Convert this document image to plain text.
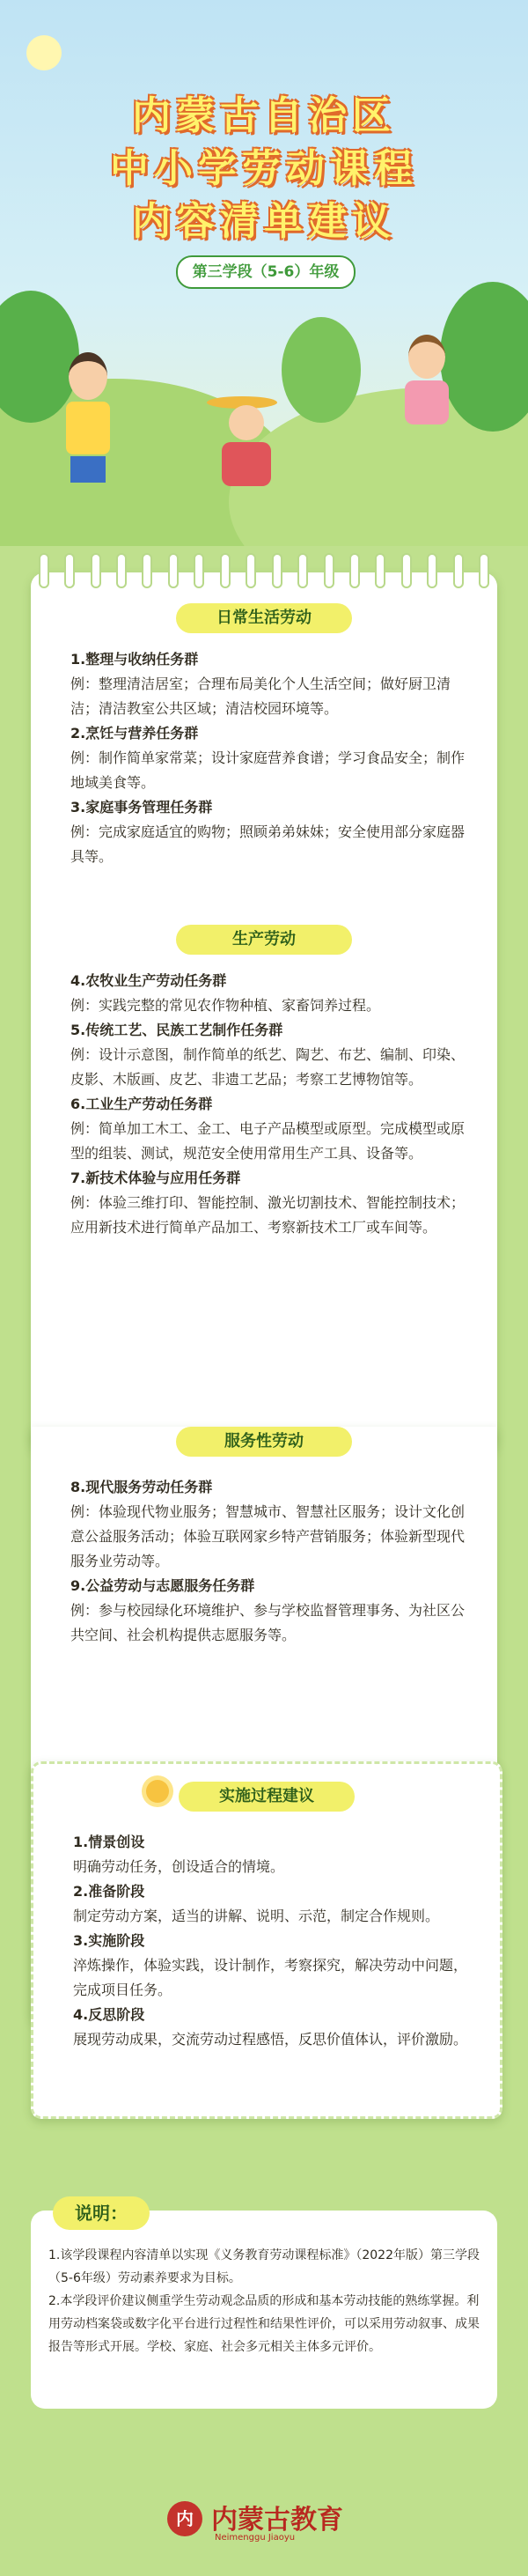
内蒙古自治区
中小学劳动课程
内容清单建议
第三学段（5-6）年级
日常生活劳动
1.整理与收纳任务群
例：整理清洁居室；合理布局美化个人生活空间；做好厨卫清洁；清洁教室公共区域；清洁校园环境等。
2.烹饪与营养任务群
例：制作简单家常菜；设计家庭营养食谱；学习食品安全；制作地域美食等。
3.家庭事务管理任务群
例：完成家庭适宜的购物；照顾弟弟妹妹；安全使用部分家庭器具等。
生产劳动
4.农牧业生产劳动任务群
例：实践完整的常见农作物种植、家畜饲养过程。
5.传统工艺、民族工艺制作任务群
例：设计示意图，制作简单的纸艺、陶艺、布艺、编制、印染、皮影、木版画、皮艺、非遗工艺品；考察工艺博物馆等。
6.工业生产劳动任务群
例：简单加工木工、金工、电子产品模型或原型。完成模型或原型的组装、测试，规范安全使用常用生产工具、设备等。
7.新技术体验与应用任务群
例：体验三维打印、智能控制、激光切割技术、智能控制技术；应用新技术进行简单产品加工、考察新技术工厂或车间等。
服务性劳动
8.现代服务劳动任务群
例：体验现代物业服务；智慧城市、智慧社区服务；设计文化创意公益服务活动；体验互联网家乡特产营销服务；体验新型现代服务业劳动等。
9.公益劳动与志愿服务任务群
例：参与校园绿化环境维护、参与学校监督管理事务、为社区公共空间、社会机构提供志愿服务等。
实施过程建议
1.情景创设
明确劳动任务，创设适合的情境。
2.准备阶段
制定劳动方案，适当的讲解、说明、示范，制定合作规则。
3.实施阶段
淬炼操作，体验实践，设计制作，考察探究，解决劳动中问题，完成项目任务。
4.反思阶段
展现劳动成果，交流劳动过程感悟，反思价值体认，评价激励。
说明：
1.该学段课程内容清单以实现《义务教育劳动课程标准》（2022年版）第三学段（5-6年级）劳动素养要求为目标。
2.本学段评价建议侧重学生劳动观念品质的形成和基本劳动技能的熟练掌握。利用劳动档案袋或数字化平台进行过程性和结果性评价，可以采用劳动叙事、成果报告等形式开展。学校、家庭、社会多元相关主体多元评价。
内 内蒙古教育
Neimenggu Jiaoyu
